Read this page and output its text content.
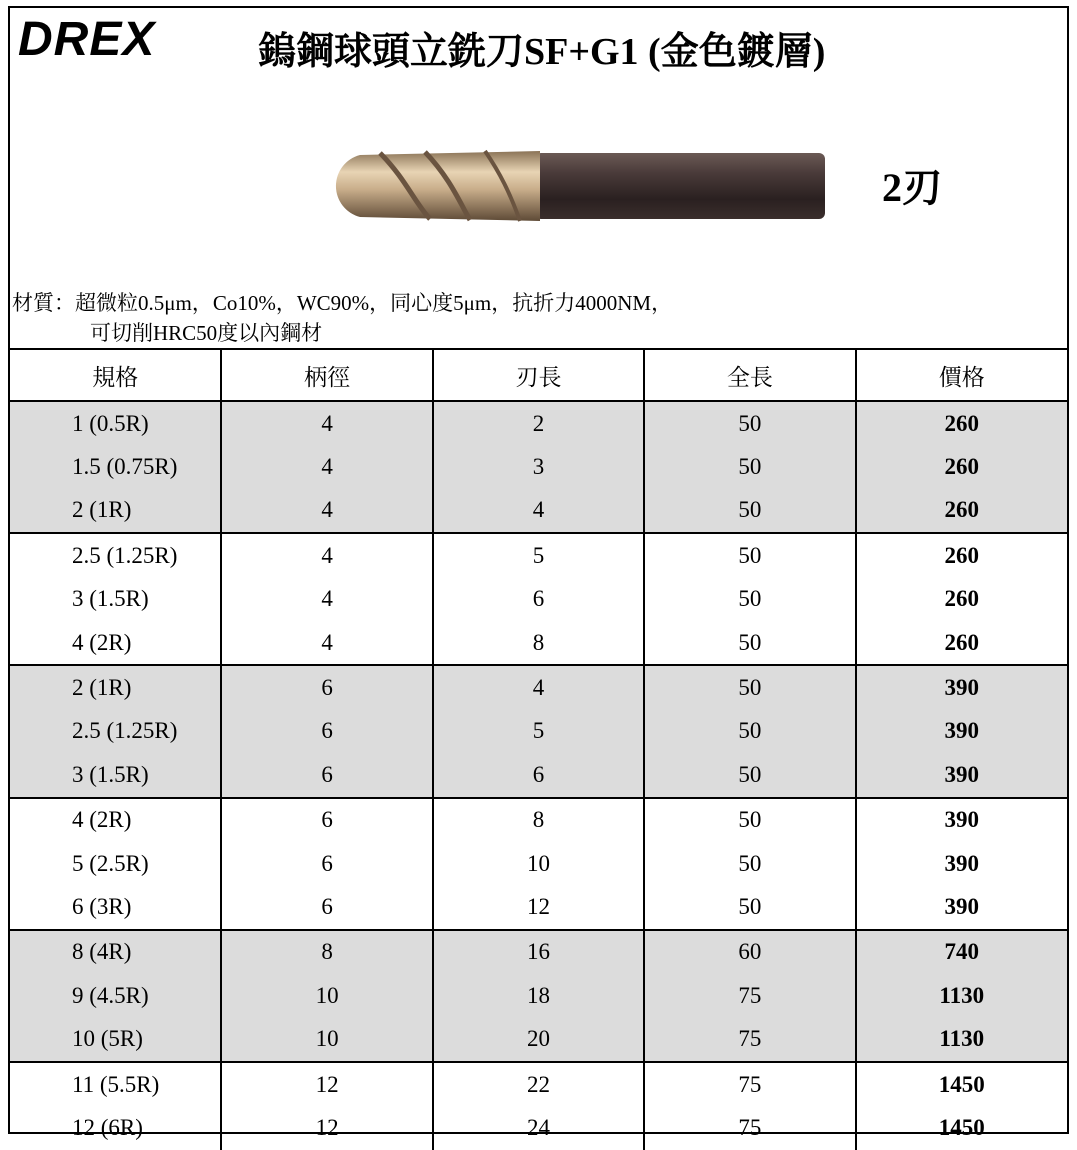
DREX	鎢鋼球頭立銑刀SF+G1 (金色鍍層)
2刃
材質：超微粒0.5μm，Co10%，WC90%，同心度5μm，抗折力4000NM，
可切削HRC50度以內鋼材
規格	柄徑	刃長	全長	價格
1 (0.5R)	4	2	50	260
1.5 (0.75R)	4	3	50	260
2 (1R)	4	4	50	260
2.5 (1.25R)	4	5	50	260
3 (1.5R)	4	6	50	260
4 (2R)	4	8	50	260
2 (1R)	6	4	50	390
2.5 (1.25R)	6	5	50	390
3 (1.5R)	6	6	50	390
4 (2R)	6	8	50	390
5 (2.5R)	6	10	50	390
6 (3R)	6	12	50	390
8 (4R)	8	16	60	740
9 (4.5R)	10	18	75	1130
10 (5R)	10	20	75	1130
11 (5.5R)	12	22	75	1450
12 (6R)	12	24	75	1450
